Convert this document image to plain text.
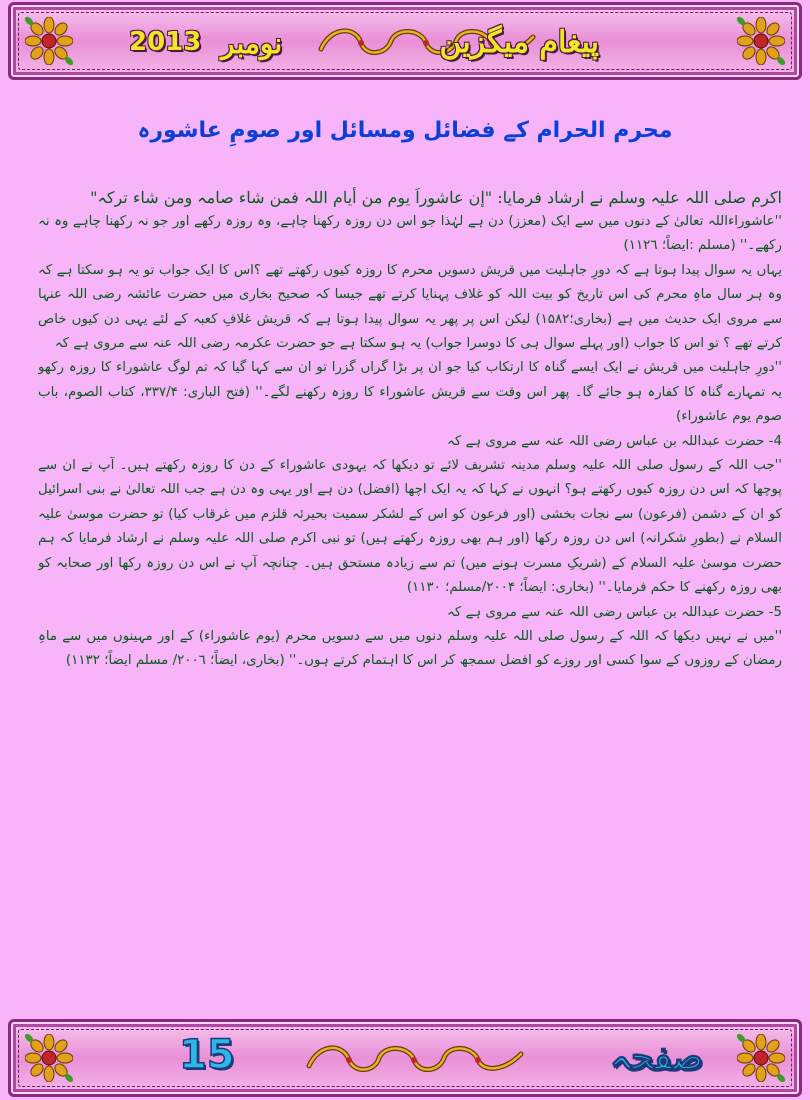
2013 نومبر	پیغام میگزین
محرم الحرام کے فضائل ومسائل اور صومِ عاشورہ

اکرم صلی اللہ علیہ وسلم نے ارشاد فرمایا: "إن عاشوراَ یوم من أیام اللہ فمن شاء صامہ ومن شاء ترکہ"

''عاشوراءاللہ تعالیٰ کے دنوں میں سے ایک (معزز) دن ہے لہٰذا جو اس دن روزہ رکھنا چاہے، وہ روزہ رکھے اور جو نہ رکھنا چاہے وہ نہ رکھے۔'' (مسلم :ایضاً؛ ١١٢٦)

یہاں یہ سوال پیدا ہوتا ہے کہ دورِ جاہلیت میں قریش دسویں محرم کا روزہ کیوں رکھتے تھے ؟اس کا ایک جواب تو یہ ہو سکتا ہے کہ وہ ہر سال ماہِ محرم کی اس تاریخ کو بیت اللہ کو غلاف پہنایا کرتے تھے جیسا کہ صحیح بخاری میں حضرت عائشہ رضی اللہ عنہا سے مروی ایک حدیث میں ہے (بخاری؛١۵٨٢) لیکن اس پر پھر یہ سوال پیدا ہوتا ہے کہ قریش غلافِ کعبہ کے لئے یہی دن کیوں خاص کرتے تھے ؟ تو اس کا جواب (اور پہلے سوال ہی کا دوسرا جواب) یہ ہو سکتا ہے جو حضرت عکرمہ رضی اللہ عنہ سے مروی ہے کہ

''دورِ جاہلیت میں قریش نے ایک ایسے گناہ کا ارتکاب کیا جو ان پر بڑا گراں گزرا تو ان سے کہا گیا کہ تم لوگ عاشوراء کا روزہ رکھو یہ تمہارے گناہ کا کفارہ ہو جائے گا۔ پھر اس وقت سے قریش عاشوراء کا روزہ رکھنے لگے۔'' (فتح الباری: ٣٣٧/۴، کتاب الصوم، باب صوم یوم عاشوراء)

4- حضرت عبداللہ بن عباس رضی اللہ عنہ سے مروی ہے کہ

''جب اللہ کے رسول صلی اللہ علیہ وسلم مدینہ تشریف لائے تو دیکھا کہ یہودی عاشوراء کے دن کا روزہ رکھتے ہیں۔ آپ نے ان سے پوچھا کہ اس دن روزہ کیوں رکھتے ہو؟ انہوں نے کہا کہ یہ ایک اچھا (افضل) دن ہے اور یہی وہ دن ہے جب اللہ تعالیٰ نے بنی اسرائیل کو ان کے دشمن (فرعون) سے نجات بخشی (اور فرعون کو اس کے لشکر سمیت بحیرئہ قلزم میں غرقاب کیا) تو حضرت موسیٰ علیہ السلام نے (بطورِ شکرانہ) اس دن روزہ رکھا (اور ہم بھی روزہ رکھتے ہیں) تو نبی اکرم صلی اللہ علیہ وسلم نے ارشاد فرمایا کہ ہم حضرت موسیٰ علیہ السلام کے (شریکِ مسرت ہونے میں) تم سے زیادہ مستحق ہیں۔ چنانچہ آپ نے اس دن روزہ رکھا اور صحابہ کو بھی روزہ رکھنے کا حکم فرمایا۔'' (بخاری: ایضاً؛ ٢٠٠۴/مسلم؛ ١١٣٠)

5- حضرت عبداللہ بن عباس رضی اللہ عنہ سے مروی ہے کہ

''میں نے نہیں دیکھا کہ اللہ کے رسول صلی اللہ علیہ وسلم دنوں میں سے دسویں محرم (یوم عاشوراء) کے اور مہینوں میں سے ماہِ رمضان کے روزوں کے سوا کسی اور روزے کو افضل سمجھ کر اس کا اہتمام کرتے ہوں۔'' (بخاری، ایضاً؛ ٢٠٠٦/ مسلم ایضاً؛ ١١٣٢)

15	صفحہ
